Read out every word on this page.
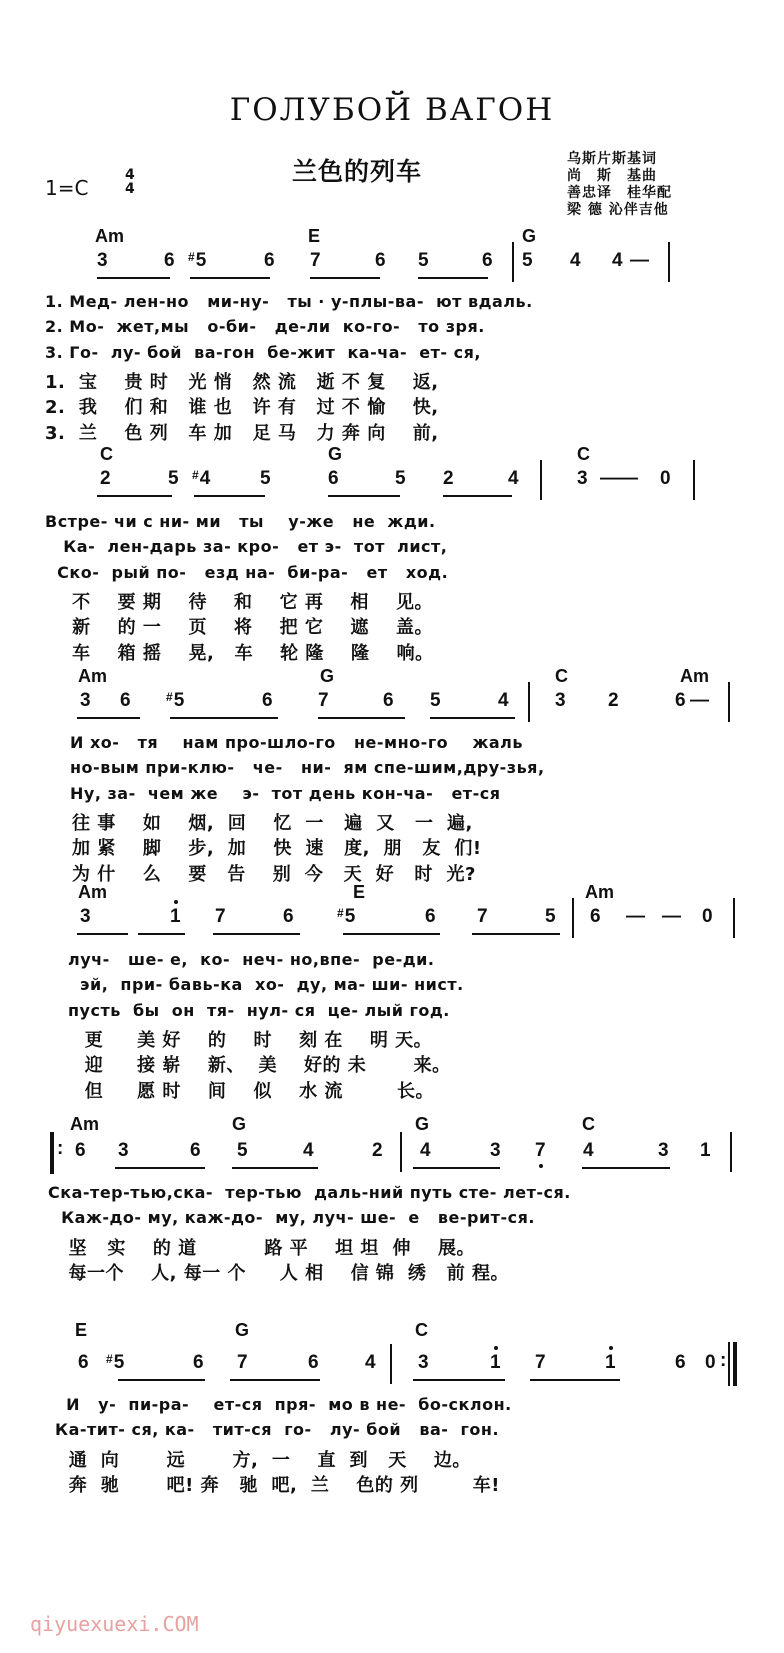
ГОЛУБОЙ ВАГОН
兰色的列车
1=C
4
4
乌斯片斯基词
尚　斯　基曲
善忠译　桂华配
梁 德 沁伴吉他
Am	E	G
3	6 #5	6 7	6 5	6 5 4 4 —
1. Мед- лен-но   ми-ну-   ты · у-плы-ва-  ют вдаль.
2. Мо-  жет,мы   о-би-   де-ли  ко-го-   то зря.
3. Го-  лу- бой  ва-гон  бе-жит  ка-ча-  ет- ся,
1.  宝    贵 时   光 悄   然 流   逝 不 复    返,
2.  我    们 和   谁 也   许 有   过 不 愉    快,
3.  兰    色 列   车 加   足 马   力 奔 向    前,
C	G	C
2	5 #4	5	6	5 2	4	3 —— 0
Встре- чи с ни- ми   ты    у-же   не  жди.
Ка-  лен-дарь за- кро-   ет э-  тот  лист,
Ско-  рый по-   езд на-  би-ра-   ет   ход.
不    要 期    待    和    它 再    相    见。
新    的 一    页    将    把 它    遮    盖。
车    箱 摇    晃,   车    轮 隆    隆    响。
Am	G	C	Am
3 6	#5	6 7	6 5	4 3 2	6 —
И хо-   тя    нам про-шло-го   не-мно-го    жаль
но-вым при-клю-   че-   ни-  ям спе-шим,дру-зья,
Ну, за-  чем же    э-  тот день кон-ча-   ет-ся
往 事    如    烟,  回    忆  一   遍  又   一  遍,
加 紧    脚    步,  加    快  速   度,  朋   友  们!
为 什    么    要   告    别  今   天  好   时  光?
Am	E	Am
3	1 7	6	#5	6 7	5 6 — — 0
луч-   ше- е,  ко-  неч- но,впе-  ре-ди.
эй,  при- бавь-ка  хо-  ду, ма- ши- нист.
пусть  бы  он  тя-  нул- ся  це- лый год.
更     美 好    的    时    刻 在    明 天。
迎     接 崭    新、  美    好的 未       来。
但     愿 时    间    似    水 流        长。
Am	G	G	C
6 3	6 5	4	2 4	3 7 4	3 1
:
Ска-тер-тью,ска-  тер-тью  даль-ний путь сте- лет-ся.
Каж-до- му, каж-до-  му, луч- ше-  е   ве-рит-ся.
坚   实    的 道          路 平    坦 坦  伸    展。
每一个    人, 每一 个     人 相    信 锦  绣   前 程。
E	G	C
6 #5	6 7	6 4 3	1 7	1	6 0 :
И   у-  пи-ра-    ет-ся  пря-  мо в не-  бо-склон.
Ка-тит- ся, ка-   тит-ся  го-   лу- бой   ва-  гон.
通  向       远       方,  一    直  到   天    边。
奔  驰       吧! 奔   驰  吧,  兰    色的 列        车!
qiyuexuexi.COM
